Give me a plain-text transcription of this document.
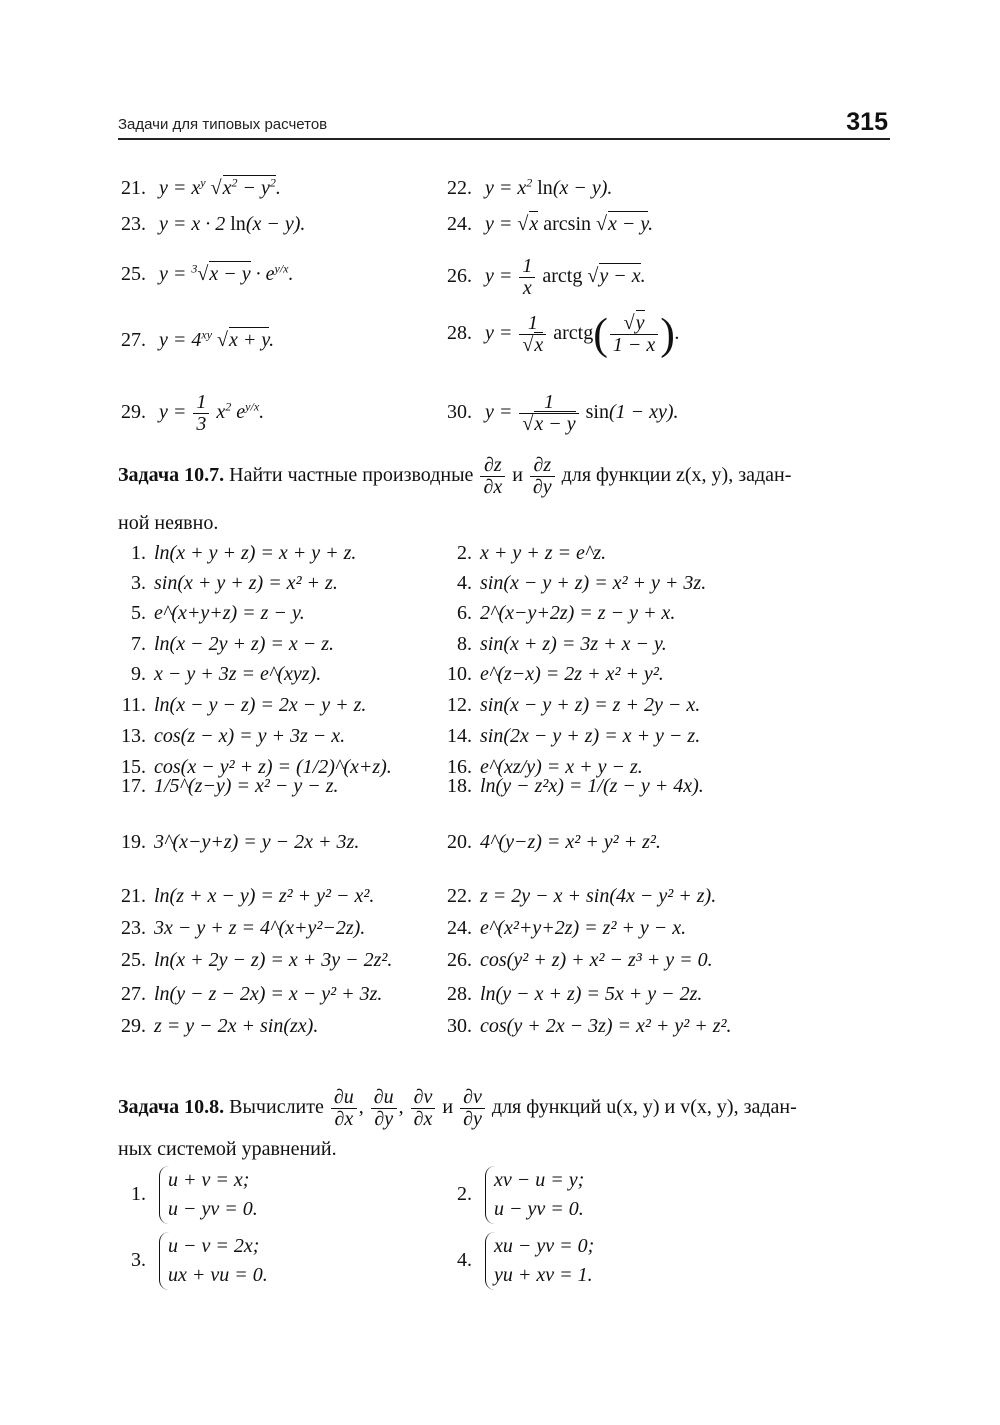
Задачи для типовых расчетов	315
21. $y = x^y$ $√x^2 - y^2$.	22. $y = x^2$ ln(x − y).
23. y = x · 2 ln(x − y).	24. y = √x arcsin √x − y.
25. $y = ^3√x - y \cdot e^{y/x}$.	26. $y = \frac{1}{x}$ arctg √y − x.
27. $y = 4^{xy}$ √x + y.	28. $y = \frac{1}{√x}$ arctg( $\frac{√y}{1 - x}$ ).
29. $y = \frac{1}{3} x^2$ $e^{y/x}$.	30. $y = \frac{1}{√x - y} \sin(1 - xy)$.
Задача 10.7. Найти частные производные $\frac{\partial z}{\partial x}$ и $\frac{\partial z}{\partial y}$ для функции z(x, y), задан-
ной неявно.
1. ln(x + y + z) = x + y + z.	2. x + y + z = e^z.
3. sin(x + y + z) = x² + z.	4. sin(x − y + z) = x² + y + 3z.
5. e^(x+y+z) = z − y.	6. 2^(x−y+2z) = z − y + x.
7. ln(x − 2y + z) = x − z.	8. sin(x + z) = 3z + x − y.
9. x − y + 3z = e^(xyz).	10. e^(z−x) = 2z + x² + y².
11. ln(x − y − z) = 2x − y + z.	12. sin(x − y + z) = z + 2y − x.
13. cos(z − x) = y + 3z − x.	14. sin(2x − y + z) = x + y − z.
15. cos(x − y² + z) = (1/2)^(x+z).	16. e^(xz/y) = x + y − z.
17. 1/5^(z−y) = x² − y − z.	18. ln(y − z²x) = 1/(z − y + 4x).
19. 3^(x−y+z) = y − 2x + 3z.	20. 4^(y−z) = x² + y² + z².
21. ln(z + x − y) = z² + y² − x².	22. z = 2y − x + sin(4x − y² + z).
23. 3x − y + z = 4^(x+y²−2z).	24. e^(x²+y+2z) = z² + y − x.
25. ln(x + 2y − z) = x + 3y − 2z².	26. cos(y² + z) + x² − z³ + y = 0.
27. ln(y − z − 2x) = x − y² + 3z.	28. ln(y − x + z) = 5x + y − 2z.
29. z = y − 2x + sin(zx).	30. cos(y + 2x − 3z) = x² + y² + z².
Задача 10.8. Вычислите $\frac{\partial u}{\partial x}$ , $\frac{\partial u}{\partial y}$ , $\frac{\partial v}{\partial x}$ и $\frac{\partial v}{\partial y}$ для функций u(x, y) и v(x, y), задан-
ных системой уравнений.
1. u + v = x;
u − yv = 0.
2. xv − u = y;
u − yv = 0.
3. u − v = 2x;
ux + vu = 0.
4. xu − yv = 0;
yu + xv = 1.
